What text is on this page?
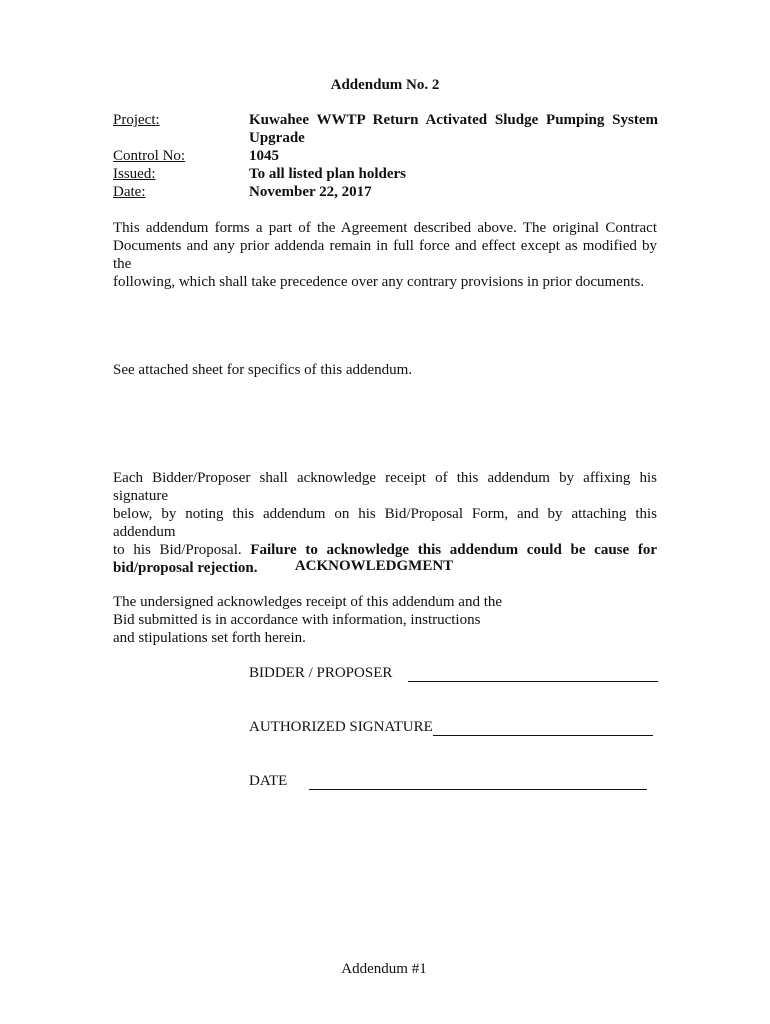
Addendum No. 2
Project:	Kuwahee WWTP Return Activated Sludge Pumping System
Upgrade
Control No:	1045
Issued:	To all listed plan holders
Date:	November 22, 2017
This addendum forms a part of the Agreement described above. The original Contract
Documents and any prior addenda remain in full force and effect except as modified by the
following, which shall take precedence over any contrary provisions in prior documents.
See attached sheet for specifics of this addendum.
Each Bidder/Proposer shall acknowledge receipt of this addendum by affixing his signature
below, by noting this addendum on his Bid/Proposal Form, and by attaching this addendum
to his Bid/Proposal. Failure to acknowledge this addendum could be cause for
bid/proposal rejection.	ACKNOWLEDGMENT
The undersigned acknowledges receipt of this addendum and the
Bid submitted is in accordance with information, instructions
and stipulations set forth herein.
BIDDER / PROPOSER
AUTHORIZED SIGNATURE
DATE
Addendum #1
